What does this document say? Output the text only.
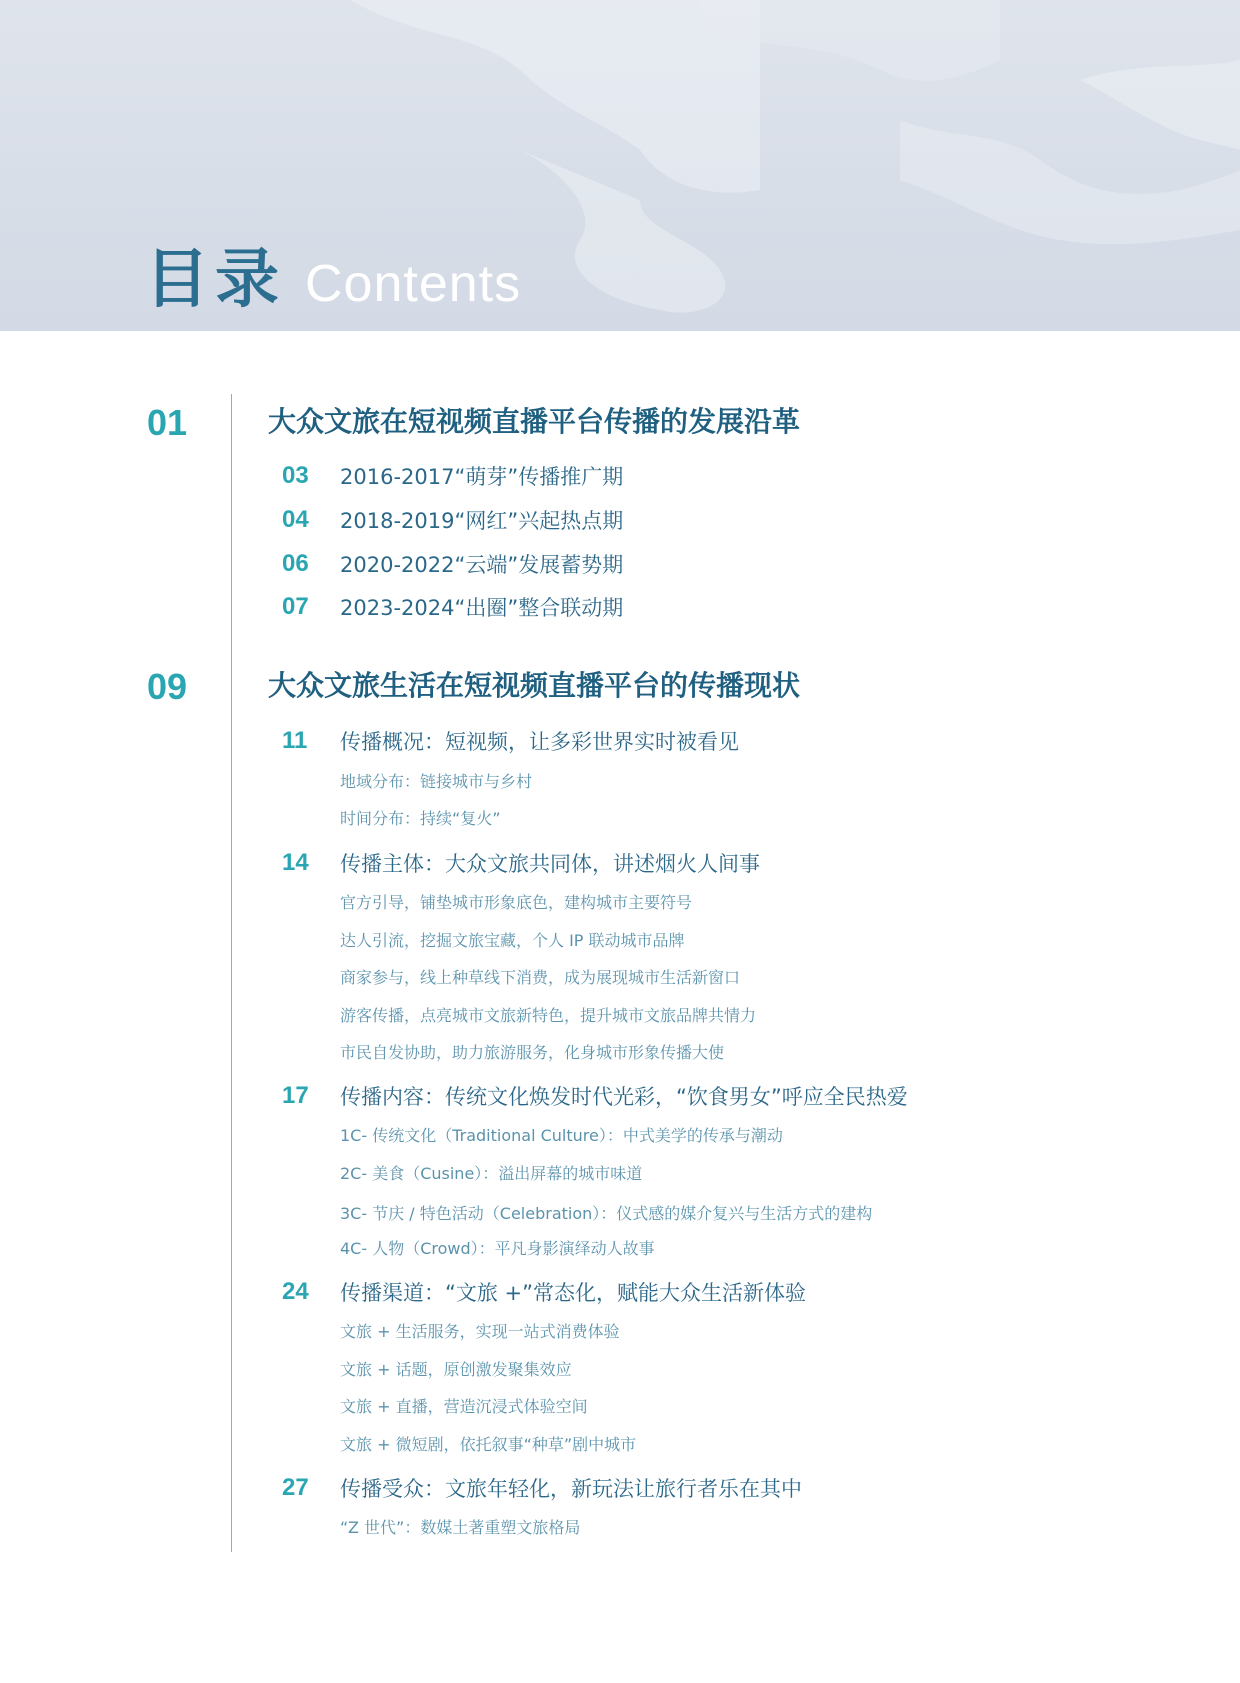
目录 Contents
01	大众文旅在短视频直播平台传播的发展沿革
03 2016-2017“萌芽”传播推广期
04 2018-2019“网红”兴起热点期
06 2020-2022“云端”发展蓄势期
07 2023-2024“出圈”整合联动期
09	大众文旅生活在短视频直播平台的传播现状
11 传播概况：短视频，让多彩世界实时被看见
地域分布：链接城市与乡村
时间分布：持续“复火”
14 传播主体：大众文旅共同体，讲述烟火人间事
官方引导，铺垫城市形象底色，建构城市主要符号
达人引流，挖掘文旅宝藏，个人 IP 联动城市品牌
商家参与，线上种草线下消费，成为展现城市生活新窗口
游客传播，点亮城市文旅新特色，提升城市文旅品牌共情力
市民自发协助，助力旅游服务，化身城市形象传播大使
17 传播内容：传统文化焕发时代光彩，“饮食男女”呼应全民热爱
1C- 传统文化（Traditional Culture）：中式美学的传承与潮动
2C- 美食（Cusine）：溢出屏幕的城市味道
3C- 节庆 / 特色活动（Celebration）：仪式感的媒介复兴与生活方式的建构
4C- 人物（Crowd）：平凡身影演绎动人故事
24 传播渠道：“文旅 +”常态化，赋能大众生活新体验
文旅 + 生活服务，实现一站式消费体验
文旅 + 话题，原创激发聚集效应
文旅 + 直播，营造沉浸式体验空间
文旅 + 微短剧，依托叙事“种草”剧中城市
27 传播受众：文旅年轻化，新玩法让旅行者乐在其中
“Z 世代”：数媒土著重塑文旅格局
